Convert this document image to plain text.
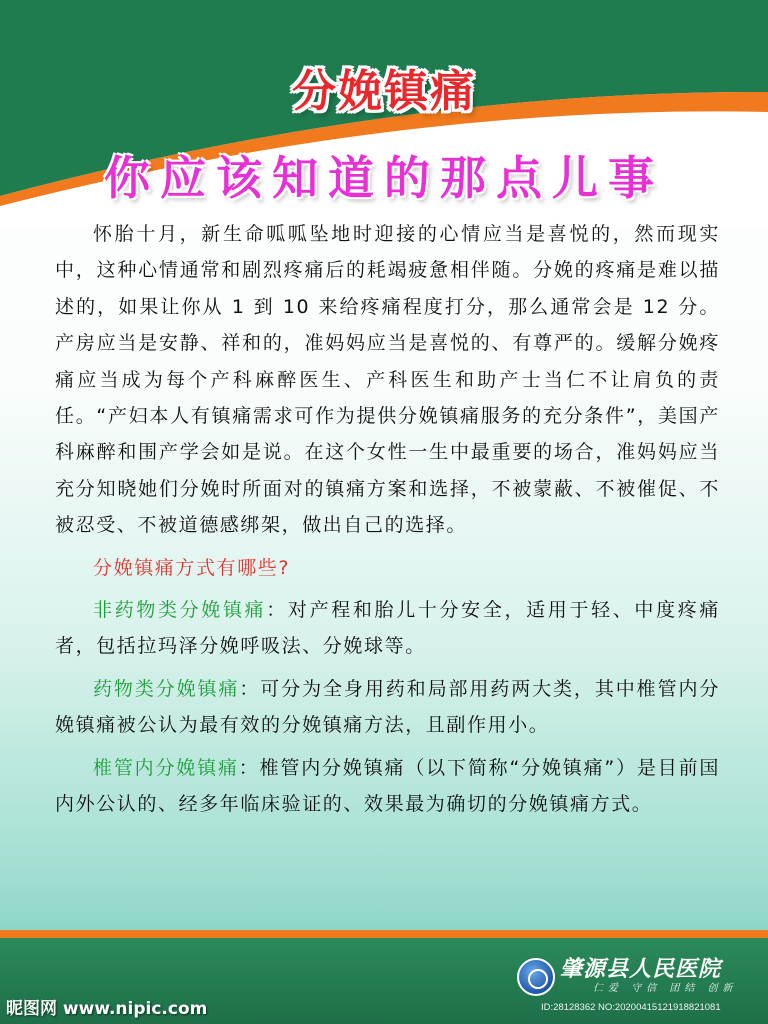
分娩镇痛
你应该知道的那点儿事

怀胎十月，新生命呱呱坠地时迎接的心情应当是喜悦的，然而现实中，这种心情通常和剧烈疼痛后的耗竭疲惫相伴随。分娩的疼痛是难以描述的，如果让你从 1 到 10 来给疼痛程度打分，那么通常会是 12 分。产房应当是安静、祥和的，准妈妈应当是喜悦的、有尊严的。缓解分娩疼痛应当成为每个产科麻醉医生、产科医生和助产士当仁不让肩负的责任。“产妇本人有镇痛需求可作为提供分娩镇痛服务的充分条件”，美国产科麻醉和围产学会如是说。在这个女性一生中最重要的场合，准妈妈应当充分知晓她们分娩时所面对的镇痛方案和选择，不被蒙蔽、不被催促、不被忍受、不被道德感绑架，做出自己的选择。

分娩镇痛方式有哪些?

非药物类分娩镇痛：对产程和胎儿十分安全，适用于轻、中度疼痛者，包括拉玛泽分娩呼吸法、分娩球等。

药物类分娩镇痛：可分为全身用药和局部用药两大类，其中椎管内分娩镇痛被公认为最有效的分娩镇痛方法，且副作用小。

椎管内分娩镇痛：椎管内分娩镇痛（以下简称“分娩镇痛”）是目前国内外公认的、经多年临床验证的、效果最为确切的分娩镇痛方式。

肇源县人民医院
仁爱 守信 团结 创新
昵图网 www.nipic.com	ID:28128362 NO:20200415121918821081
